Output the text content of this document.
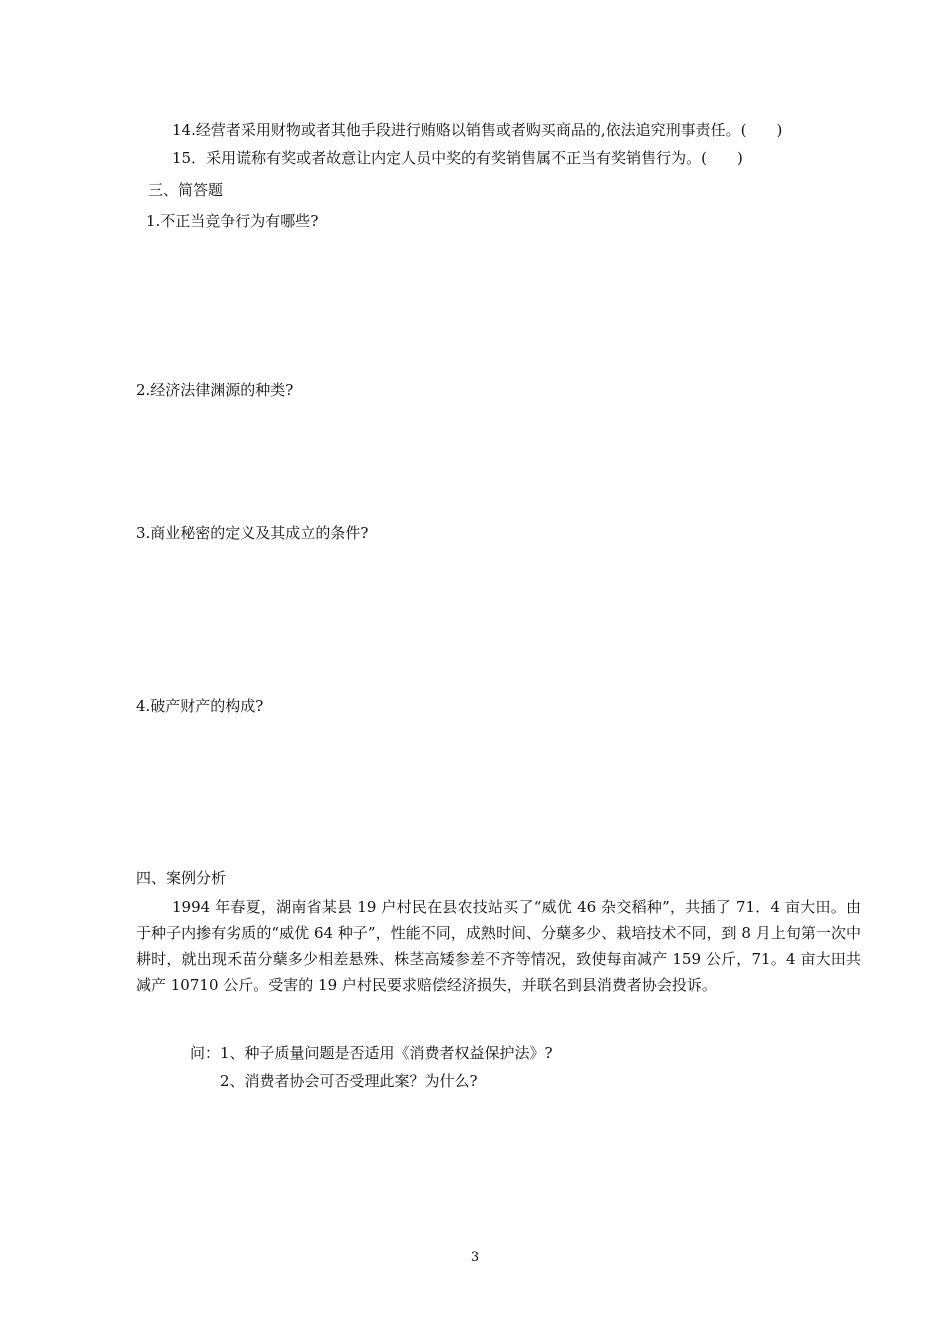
14.经营者采用财物或者其他手段进行贿赂以销售或者购买商品的,依法追究刑事责任。(　　)
15．采用谎称有奖或者故意让内定人员中奖的有奖销售属不正当有奖销售行为。(　　)
三、简答题
1.不正当竞争行为有哪些?
2.经济法律渊源的种类?
3.商业秘密的定义及其成立的条件?
4.破产财产的构成?
四、案例分析
1994 年春夏，湖南省某县 19 户村民在县农技站买了“威优 46 杂交稻种”，共插了 71．4 亩大田。由于种子内掺有劣质的“威优 64 种子”，性能不同，成熟时间、分蘖多少、栽培技术不同，到 8 月上旬第一次中耕时，就出现禾苗分蘖多少相差悬殊、株茎高矮参差不齐等情况，致使每亩减产 159 公斤，71。4 亩大田共减产 10710 公斤。受害的 19 户村民要求赔偿经济损失，并联名到县消费者协会投诉。
问：1、种子质量问题是否适用《消费者权益保护法》?
2、消费者协会可否受理此案？为什么?
3
